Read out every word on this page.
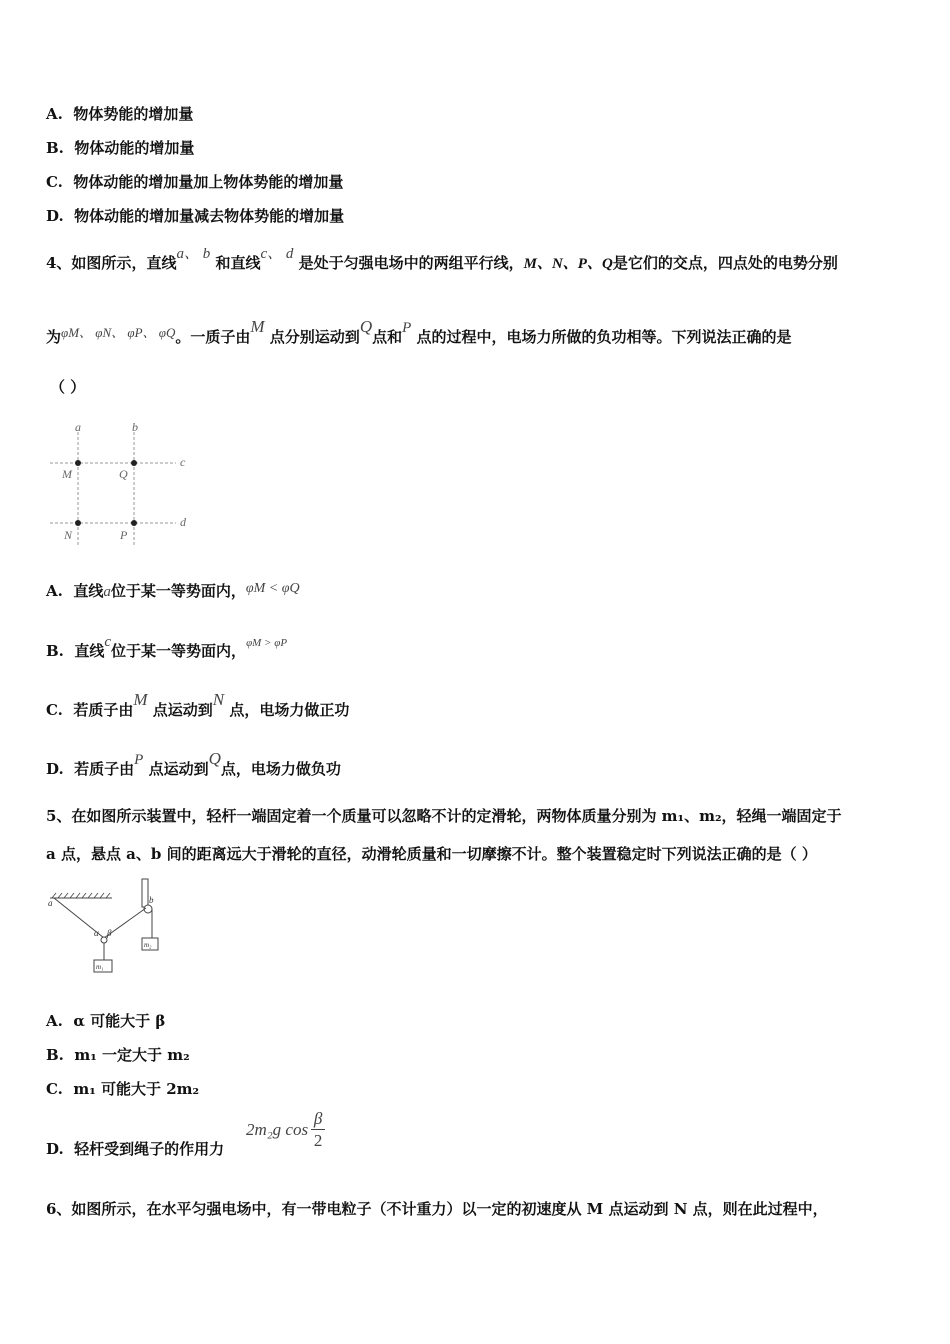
A. 物体势能的增加量
B. 物体动能的增加量
C. 物体动能的增加量加上物体势能的增加量
D. 物体动能的增加量减去物体势能的增加量
4、如图所示，直线a、 b 和直线c、 d 是处于匀强电场中的两组平行线，M、N、P、Q是它们的交点，四点处的电势分别
为φM、 φN、 φP、 φQ。一质子由M 点分别运动到Q点和P 点的过程中，电场力所做的负功相等。下列说法正确的是
（ ）
a	b
c
d
M	Q
N	P
A. 直线a位于某一等势面内，φM < φQ
B. 直线c位于某一等势面内，$^{\varphi M > \varphi P}$
C. 若质子由M 点运动到N 点，电场力做正功
D. 若质子由P 点运动到Q点，电场力做负功
5、在如图所示装置中，轻杆一端固定着一个质量可以忽略不计的定滑轮，两物体质量分别为 m₁、m₂，轻绳一端固定于
a 点，悬点 a、b 间的距离远大于滑轮的直径，动滑轮质量和一切摩擦不计。整个装置稳定时下列说法正确的是（ ）
a	b
α β
m₁
m₂
A. α 可能大于 β
B. m₁ 一定大于 m₂
C. m₁ 可能大于 2m₂
D. 轻杆受到绳子的作用力
2m₂g cos
β
2
6、如图所示，在水平匀强电场中，有一带电粒子（不计重力）以一定的初速度从 M 点运动到 N 点，则在此过程中，
